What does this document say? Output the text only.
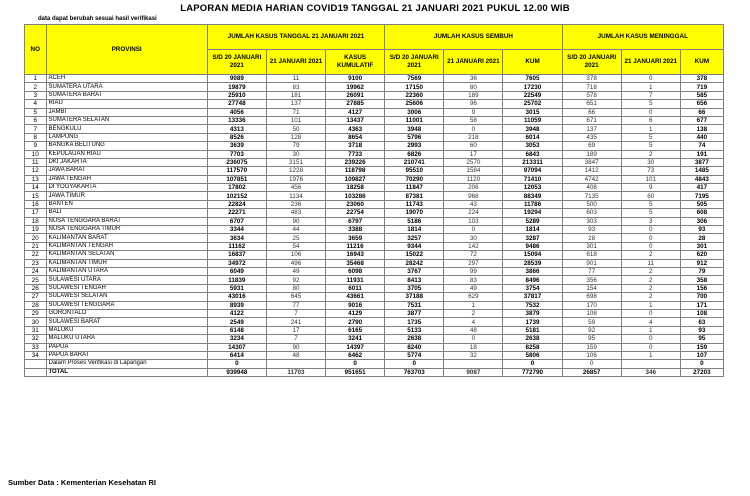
LAPORAN MEDIA HARIAN COVID19 TANGGAL 21 JANUARI 2021 PUKUL 12.00 WIB
data dapat berubah sesuai hasil verifikasi
NO	PROVINSI	JUMLAH KASUS TANGGAL 21 JANUARI 2021			JUMLAH KASUS SEMBUH			JUMLAH KASUS MENINGGAL		
		S/D 20 JANUARI 2021	21 JANUARI 2021	KASUS KUMULATIF	S/D 20 JANUARI 2021	21 JANUARI 2021	KUM	S/D 20 JANUARI 2021	21 JANUARI 2021	KUM
1	ACEH	9089	11	9100	7569	36	7605	378	0	378
2	SUMATERA UTARA	19879	83	19962	17150	80	17230	718	1	719
3	SUMATERA BARAT	25910	181	26091	22360	189	22549	578	7	585
4	RIAU	27748	137	27885	25606	96	25702	651	5	656
5	JAMBI	4056	71	4127	3006	9	3015	66	0	66
6	SUMATERA SELATAN	13336	101	13437	11001	58	11059	671	6	677
7	BENGKULU	4313	50	4363	3948	0	3948	137	1	138
8	LAMPUNG	8526	128	8654	5796	218	6014	435	5	440
9	BANGKA BELITUNG	3639	79	3718	2993	60	3053	69	5	74
10	KEPULAUAN RIAU	7703	30	7733	6826	17	6843	189	2	191
11	DKI JAKARTA	236075	3151	239226	210741	2570	213311	3847	30	3877
12	JAWA BARAT	117570	1228	118798	95510	1584	97094	1412	73	1485
13	JAWA TENGAH	107851	1976	109827	70290	1120	71410	4742	101	4843
14	DI YOGYAKARTA	17802	456	18258	11847	206	12053	408	9	417
15	JAWA TIMUR	102152	1134	103286	87381	968	88349	7135	60	7195
16	BANTEN	22824	236	23060	11743	43	11786	500	5	505
17	BALI	22271	483	22754	19070	224	19294	603	5	608
18	NUSA TENGGARA BARAT	6707	90	6797	5186	103	5289	303	3	306
19	NUSA TENGGARA TIMUR	3344	44	3388	1814	0	1814	93	0	93
20	KALIMANTAN BARAT	3634	25	3659	3257	30	3287	28	0	28
21	KALIMANTAN TENGAH	11162	54	11216	9344	142	9486	301	0	301
22	KALIMANTAN SELATAN	16837	106	16943	15022	72	15094	618	2	620
23	KALIMANTAN TIMUR	34972	496	35468	28242	297	28539	901	11	912
24	KALIMANTAN UTARA	6049	49	6098	3767	99	3866	77	2	79
25	SULAWESI UTARA	11839	92	11931	8413	83	8496	356	2	358
26	SULAWESI TENGAH	5931	80	6011	3705	49	3754	154	2	156
27	SULAWESI SELATAN	43016	645	43661	37188	629	37817	698	2	700
28	SULAWESI TENGGARA	8939	77	9016	7531	1	7532	170	1	171
29	GORONTALO	4122	7	4129	3877	2	3879	108	0	108
30	SULAWESI BARAT	2549	241	2790	1735	4	1739	59	4	63
31	MALUKU	6148	17	6165	5133	48	5181	92	1	93
32	MALUKU UTARA	3234	7	3241	2638	0	2638	95	0	95
33	PAPUA	14307	90	14397	8240	18	8258	159	0	159
34	PAPUA BARAT	6414	48	6462	5774	32	5806	106	1	107
	Dalam Proses Verifikasi di Lapangan	0		0	0		0	0		0
	TOTAL	939948	11703	951651	763703	9087	772790	26857	346	27203
Sumber Data : Kementerian Kesehatan RI
